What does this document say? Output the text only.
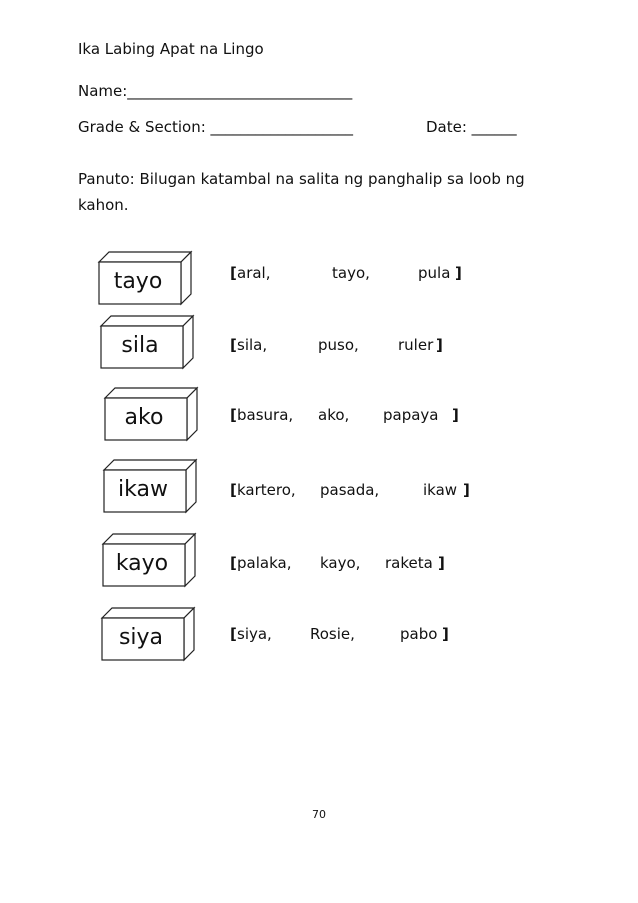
Ika Labing Apat na Lingo
Name:______________________________
Grade & Section: ___________________	Date: ______
Panuto: Bilugan katambal na salita ng panghalip sa loob ng kahon.
tayo	[ aral,	tayo,	pula ]
sila	[ sila,	puso,	ruler ]
ako	[ basura, ako, papaya ]
ikaw	[ kartero, pasada,	ikaw ]
kayo	[ palaka, kayo, raketa ]
siya	[ siya,	Rosie,	pabo ]
70
